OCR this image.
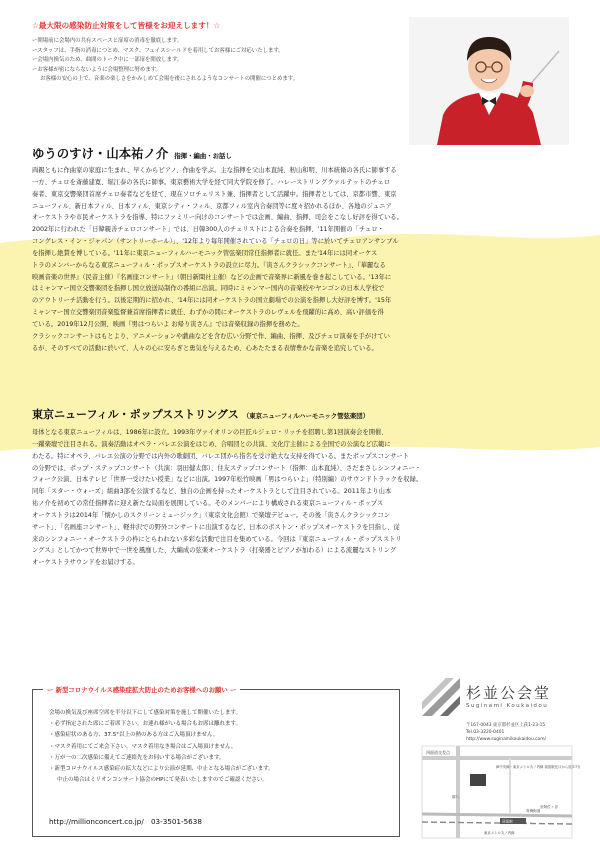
☆最大限の感染防止対策をして皆様をお迎えします！☆
ー開場前に会場内の共有スペースと扉席の消毒を徹底します。
ースタッフは、手指の消毒につとめ、マスク、フェイスシールドを着用してお客様にご対応いたします。
ー会場内換気のため、曲間のトーク中に一部扉を開放します。
ーお客様が密にならないように会場整理に努めます。
お客様の安心の上で、音楽の楽しさをかみしめて会場を後にされるようなコンサートの開催につとめます。
ゆうのすけ・山本祐ノ介 指揮・編曲・お話し
両親ともに作曲家の家庭に生まれ、早くからピアノ、作曲を学ぶ。主な指揮を父山本直純、籾山和明、川本統脩の各氏に師事する
一方、チェロを斎藤建寛、堀江泰の各氏に師事。東京藝術大学を経て同大学院を修了。ハレーストリングクァルテットのチェロ
奏者、東京交響楽団首席チェロ奏者などを経て、現在ソロチェリスト兼、指揮者として活躍中。指揮者としては、京都市響、東京
ニューフィル、新日本フィル、日本フィル、東京シティ・フィル、京都フィル室内合奏団等に度々招かれるほか、各地のジュニア
オーケストラや市民オーケストラを指導、特にファミリー向けのコンサートでは企画、編曲、指揮、司会をこなし好評を得ている。
2002年に行われた「日韓親善チェロコンサート」では、日韓300人のチェリストによる合奏を指揮、'11年開催の「チェロ・
コングレス・イン・ジャパン（サントリーホール）」、'12年より毎年開催されている「チェロの日」等に於いてチェロアンサンブル
を指揮し絶賛を博している。'11年に東京ニューフィルハーモニック管弦楽団常任指揮者に就任。また'14年には同オーケス
トラのメンバーからなる東京ニューフィル・ポップスオーケストラの設立に尽力。『寅さんクラシックコンサート』、『華麗なる
映画音楽の世界』（民音主催）『名画座コンサート』（朝日新聞社主催）などの企画で音楽界に新風を巻き起こしている。'13年に
はミャンマー国立交響楽団を指揮し国立放送局制作の番組に出演。同時にミャンマー国内の音楽校やヤンゴンの日本人学校で
のアウトリーチ活動を行う。以後定期的に招かれ、'14年には同オーケストラの国立劇場での公演を指揮し大好評を博す。'15年
ミャンマー国立交響楽団音楽監督兼首席指揮者に就任、わずかの間にオーケストラのレヴェルを飛躍的に高め、高い評価を得
ている。2019年12月公開、映画『男はつらいよ お帰り寅さん』では音楽収録の指揮を務めた。
クラシックコンサートはもとより、アニメーションや戯曲などを含む広い分野で作、編曲、指揮、及びチェロ演奏を手がけてい
るが、そのすべての活動に於いて、人々の心に安らぎと勇気を与えるため、心あたたまる表情豊かな音楽を追究している。
東京ニューフィル・ポップスストリングス （東京ニューフィルハーモニック管弦楽団）
母体となる東京ニューフィルは、1986年に設立。1993年ヴァイオリンの巨匠ルジェロ・リッチを招聘し第1回演奏会を開催、
一躍楽壇で注目される。演奏活動はオペラ・バレエ公演をはじめ、合唱団との共演、文化庁主催による全国での公演など広範に
わたる。特にオペラ、バレエ公演の分野では内外の歌劇団、バレエ団から指名を受け絶大な支持を得ている。またポップスコンサート
の分野では、ポップ・ステップコンサート（共演：羽田健太郎）、住友ステップコンサート（指揮：山本直純）、さだまさしシンフォニー・
フォーク公演、日本テレビ「世界一受けたい授業」などに出演。1997年松竹映画「男はつらいよ」（特別編）のサウンドトラックを収録。
同年「スター・ウォーズ」組曲3部を公演するなど、独自の企画を持ったオーケストラとして注目されている。2011年より山本
祐ノ介を初めての常任指揮者に迎え新たな局面を展開している。そのメンバーにより構成される東京ニューフィル・ポップス
オーケストラは2014年「懐かしのスクリーンミュージック」（東京文化会館）で楽壇デビュー。その後「寅さんクラシックコン
サート」、「名画座コンサート」、軽井沢での野外コンサートに出演するなど、日本のボストン・ポップスオーケストラを目指し、従
来のシンフォニー・オーケストラの枠にとらわれない多彩な活動で注目を集めている。今回は『東京ニューフィル・ポップスストリ
ングス』としてかつて世界中で一世を風靡した、大編成の弦楽オーケストラ（打楽器とピアノが加わる）による流麗なストリング
オーケストラサウンドをお届けする。
ー 新型コロナウイルス感染症拡大防止のためお客様へのお願い ー
会場の換気及び座席空席を半分以下にして感染対策を施して開催いたします。
・必ず指定された席にご着席下さい。お連れ様がいる場合もお席は離れます。
・感染症状のある方、37.5°以上の熱のある方はご入場頂けません。
・マスク着用にてご来会下さい。マスク着用なき場合はご入場頂けません。
・万が一の二次感染に備えてご連絡先をお伺いする場合がございます。
・新型コロナウイルス感染症の拡大などにより公演が延期、中止となる場合がございます。
中止の場合はミリオンコンサート協会のHPにて発表いたしますのでご確認ください。
http://millionconcert.co.jp/　03-3501-5638
杉並公会堂
Suginami Koukaidou
〒167-0043 東京都杉並区上荻1-23-15
Tel.03-3220-0401
http://www.suginamikoukaidou.com/
四面道交差点
JR中央線・東京メトロ丸ノ内線 荻窪駅北口から徒歩7分
至阿佐ヶ谷
荻窪駅
青梅街道
環八
東京メトロ丸ノ内線
